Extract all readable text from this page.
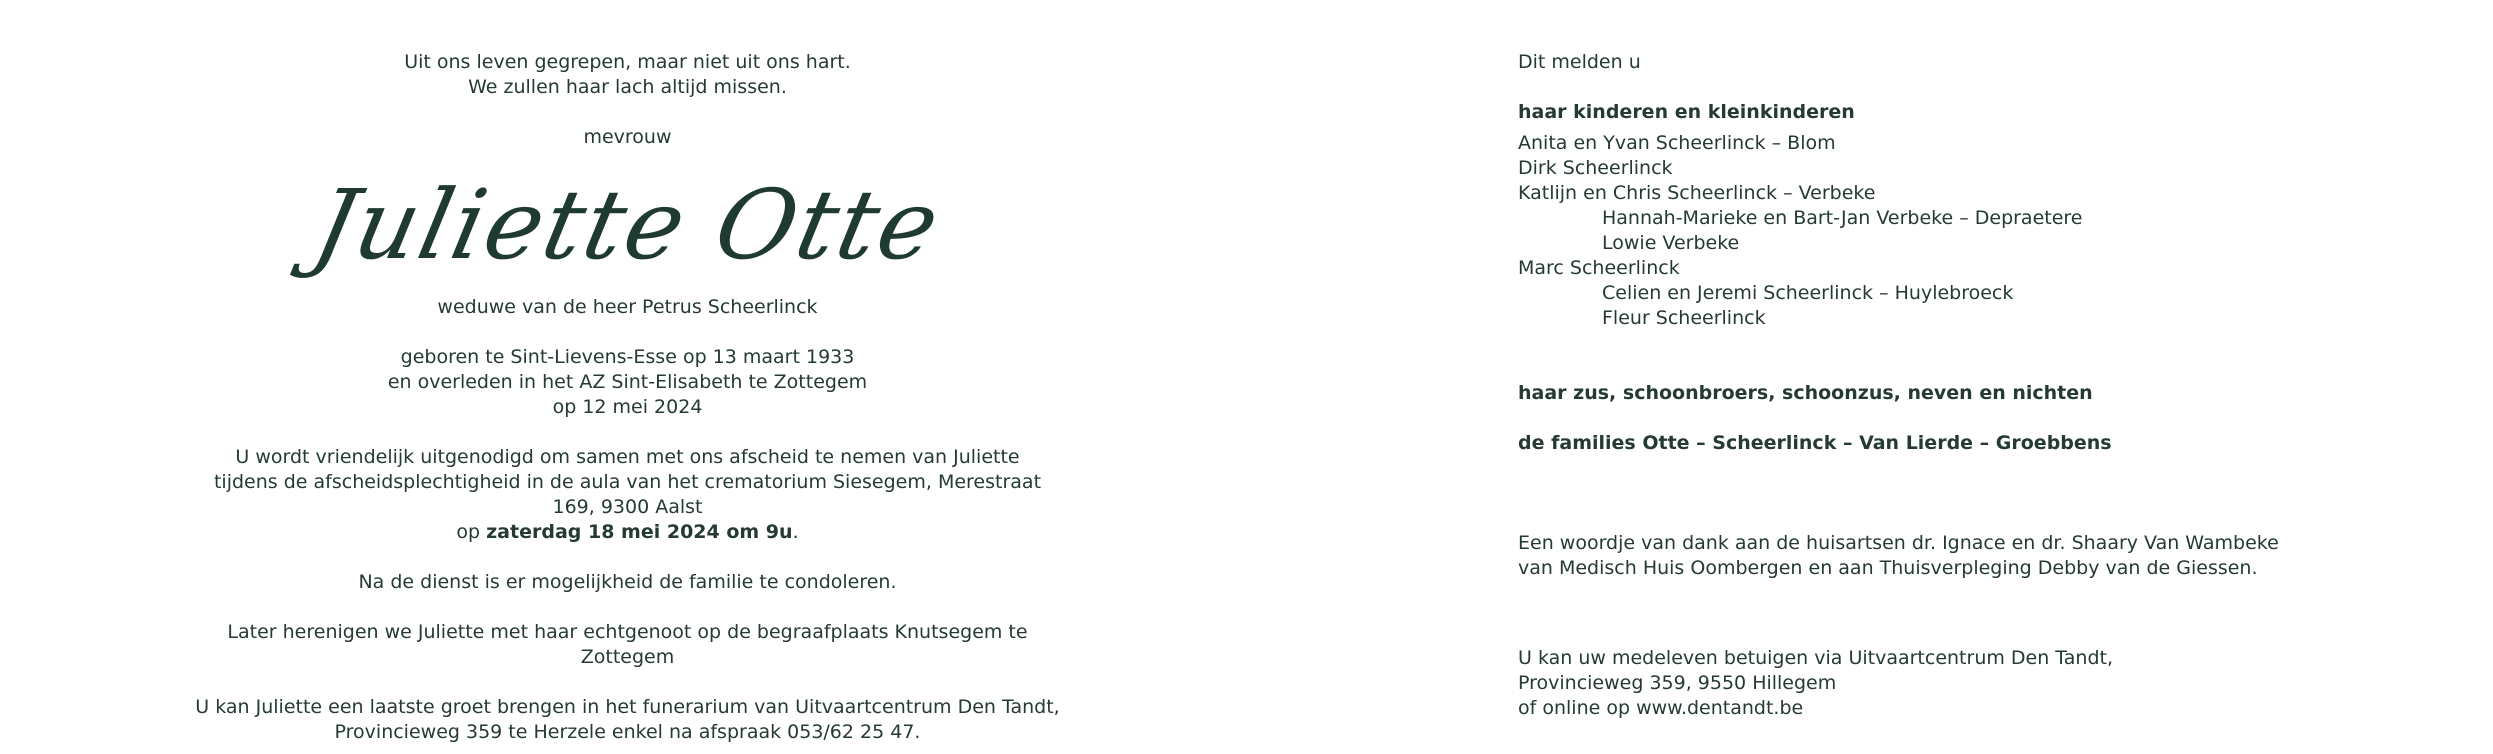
Uit ons leven gegrepen, maar niet uit ons hart.
We zullen haar lach altijd missen.
mevrouw
Juliette Otte
weduwe van de heer Petrus Scheerlinck
geboren te Sint-Lievens-Esse op 13 maart 1933
en overleden in het AZ Sint-Elisabeth te Zottegem
op 12 mei 2024
U wordt vriendelijk uitgenodigd om samen met ons afscheid te nemen van Juliette
tijdens de afscheidsplechtigheid in de aula van het crematorium Siesegem, Merestraat 169, 9300 Aalst
op zaterdag 18 mei 2024 om 9u.
Na de dienst is er mogelijkheid de familie te condoleren.
Later herenigen we Juliette met haar echtgenoot op de begraafplaats Knutsegem te Zottegem
U kan Juliette een laatste groet brengen in het funerarium van Uitvaartcentrum Den Tandt,
Provincieweg 359 te Herzele enkel na afspraak 053/62 25 47.
Dit melden u
haar kinderen en kleinkinderen
Anita en Yvan Scheerlinck – Blom
Dirk Scheerlinck
Katlijn en Chris Scheerlinck – Verbeke
Hannah-Marieke en Bart-Jan Verbeke – Depraetere
Lowie Verbeke
Marc Scheerlinck
Celien en Jeremi Scheerlinck – Huylebroeck
Fleur Scheerlinck
haar zus, schoonbroers, schoonzus, neven en nichten
de families Otte – Scheerlinck – Van Lierde – Groebbens
Een woordje van dank aan de huisartsen dr. Ignace en dr. Shaary Van Wambeke
van Medisch Huis Oombergen en aan Thuisverpleging Debby van de Giessen.
U kan uw medeleven betuigen via Uitvaartcentrum Den Tandt,
Provincieweg 359, 9550 Hillegem
of online op www.dentandt.be
